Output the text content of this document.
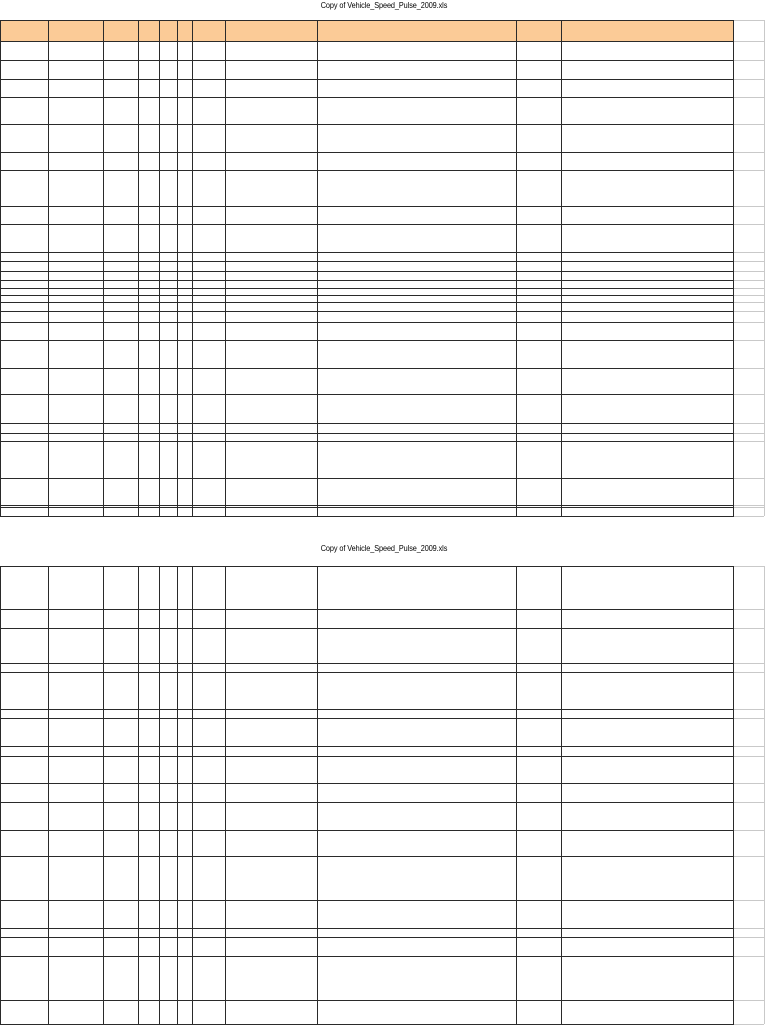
Copy of Vehicle_Speed_Pulse_2009.xls
Copy of Vehicle_Speed_Pulse_2009.xls
